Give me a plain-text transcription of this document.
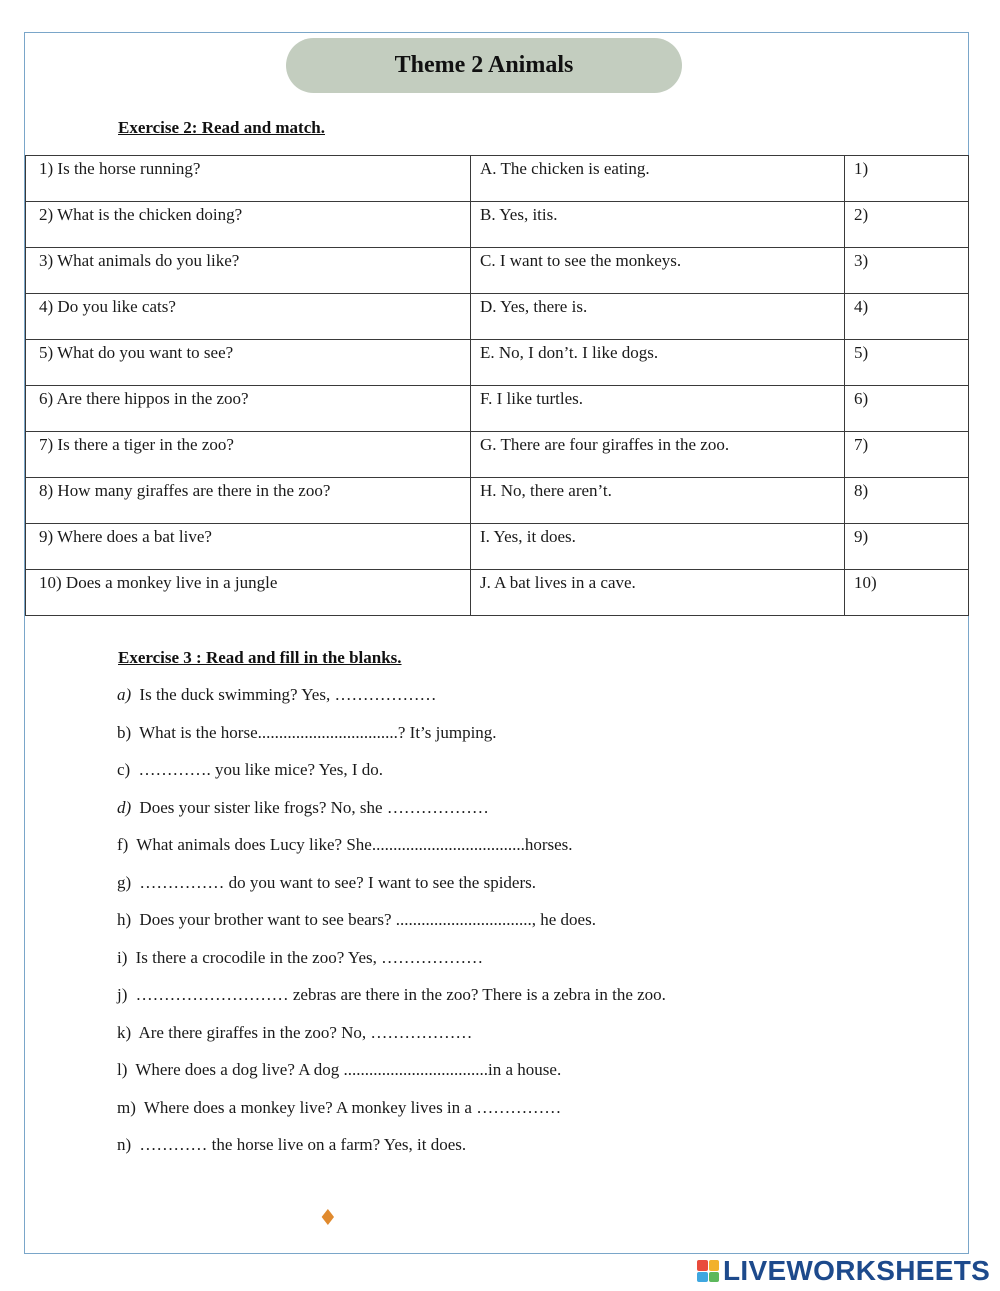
Theme 2 Animals
Exercise 2: Read and match.
1) Is the horse running?	A. The chicken is eating.	1)
2) What is the chicken doing?	B. Yes, itis.	2)
3) What animals do you like?	C. I want to see the monkeys.	3)
4) Do you like cats?	D. Yes, there is.	4)
5) What do you want to see?	E. No, I don’t. I like dogs.	5)
6) Are there hippos in the zoo?	F. I like turtles.	6)
7) Is there a tiger in the zoo?	G. There are four giraffes in the zoo.	7)
8) How many giraffes are there in the zoo?	H. No, there aren’t.	8)
9) Where does a bat live?	I. Yes, it does.	9)
10) Does a monkey live in a jungle	J. A bat lives in a cave.	10)
Exercise 3 : Read and fill in the blanks.
a) Is the duck swimming? Yes, ………………
b) What is the horse.................................? It’s jumping.
c) …………. you like mice? Yes, I do.
d) Does your sister like frogs? No, she ………………
f) What animals does Lucy like? She....................................horses.
g) …………… do you want to see? I want to see the spiders.
h) Does your brother want to see bears? ................................, he does.
i) Is there a crocodile in the zoo? Yes, ………………
j) ……………………… zebras are there in the zoo? There is a zebra in the zoo.
k) Are there giraffes in the zoo? No, ………………
l) Where does a dog live? A dog ..................................in a house.
m) Where does a monkey live? A monkey lives in a ……………
n) ………… the horse live on a farm? Yes, it does.
♦
LIVEWORKSHEETS
